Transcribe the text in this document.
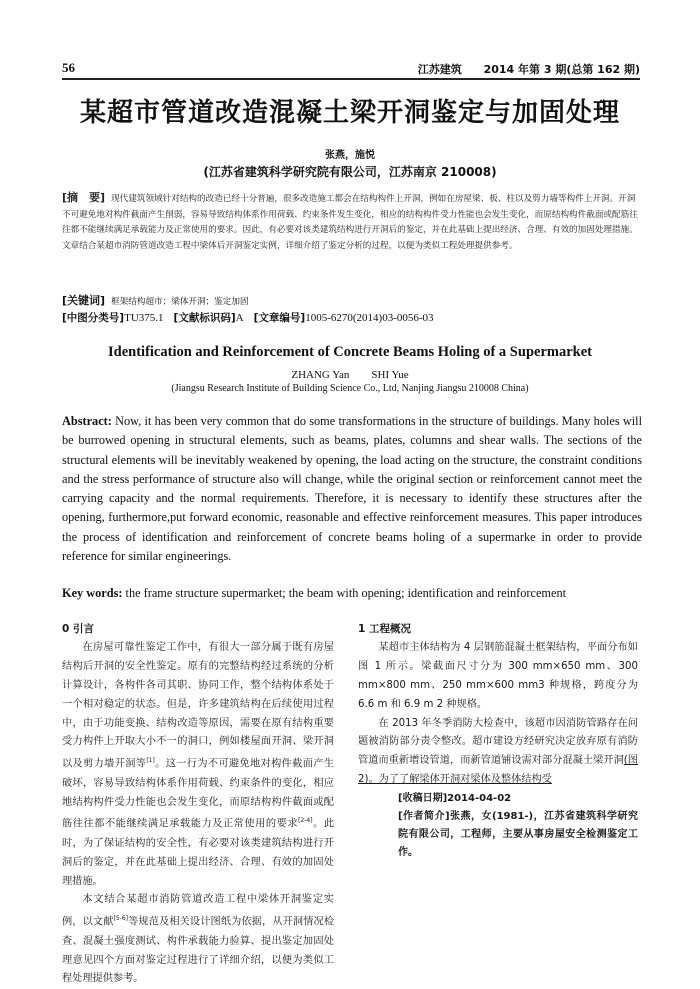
56	江苏建筑 2014 年第 3 期(总第 162 期)
某超市管道改造混凝土梁开洞鉴定与加固处理
张燕，施悦
(江苏省建筑科学研究院有限公司，江苏南京 210008)
[摘　要] 现代建筑领域针对结构的改造已经十分普遍，很多改造施工都会在结构构件上开洞，例如在房屋梁、板、柱以及剪力墙等构件上开洞。开洞不可避免地对构件截面产生削弱，容易导致结构体系作用荷载、约束条件发生变化，相应的结构构件受力性能也会发生变化，而原结构构件截面或配筋往往都不能继续满足承载能力及正常使用的要求。因此，有必要对该类建筑结构进行开洞后的鉴定，并在此基础上提出经济、合理、有效的加固处理措施。文章结合某超市消防管道改造工程中梁体后开洞鉴定实例，详细介绍了鉴定分析的过程，以便为类似工程处理提供参考。
[关键词] 框架结构超市；梁体开洞；鉴定加固
[中图分类号]TU375.1 [文献标识码]A [文章编号]1005-6270(2014)03-0056-03
Identification and Reinforcement of Concrete Beams Holing of a Supermarket
ZHANG Yan　　SHI Yue
(Jiangsu Research Institute of Building Science Co., Ltd, Nanjing Jiangsu 210008 China)
Abstract: Now, it has been very common that do some transformations in the structure of buildings. Many holes will be burrowed opening in structural elements, such as beams, plates, columns and shear walls. The sections of the structural elements will be inevitably weakened by opening, the load acting on the structure, the constraint conditions and the stress performance of structure also will change, while the original section or reinforcement cannot meet the carrying capacity and the normal requirements. Therefore, it is necessary to identify these structures after the opening, furthermore,put forward economic, reasonable and effective reinforcement measures. This paper introduces the process of identification and reinforcement of concrete beams holing of a supermarke in order to provide reference for similar engineerings.
Key words: the frame structure supermarket; the beam with opening; identification and reinforcement
0 引言

在房屋可靠性鉴定工作中，有很大一部分属于既有房屋结构后开洞的安全性鉴定。原有的完整结构经过系统的分析计算设计，各构件各司其职、协同工作，整个结构体系处于一个相对稳定的状态。但是，许多建筑结构在后续使用过程中，由于功能变换、结构改造等原因，需要在原有结构重要受力构件上开取大小不一的洞口，例如楼屋面开洞、梁开洞以及剪力墙开洞等[1]。这一行为不可避免地对构件截面产生破坏，容易导致结构体系作用荷载、约束条件的变化，相应地结构构件受力性能也会发生变化，而原结构构件截面或配筋往往都不能继续满足承载能力及正常使用的要求[2-4]。此时，为了保证结构的安全性，有必要对该类建筑结构进行开洞后的鉴定，并在此基础上提出经济、合理、有效的加固处理措施。

本文结合某超市消防管道改造工程中梁体开洞鉴定实例，以文献[5-6]等规范及相关设计图纸为依据，从开洞情况检查、混凝土强度测试、构件承载能力验算、提出鉴定加固处理意见四个方面对鉴定过程进行了详细介绍，以便为类似工程处理提供参考。

1 工程概况

某超市主体结构为 4 层钢筋混凝土框架结构，平面分布如图 1 所示。梁截面尺寸分为 300 mm×650 mm、300 mm×800 mm、250 mm×600 mm3 种规格，跨度分为 6.6 m 和 6.9 m 2 种规格。

在 2013 年冬季消防大检查中，该超市因消防管路存在问题被消防部分责令整改。超市建设方经研究决定放弃原有消防管道而重新增设管道，而新管道铺设需对部分混凝土梁开洞(图 2)。为了了解梁体开洞对梁体及整体结构受

[收稿日期]2014-04-02
[作者简介]张燕，女(1981-)，江苏省建筑科学研究院有限公司，工程师，主要从事房屋安全检测鉴定工作。
